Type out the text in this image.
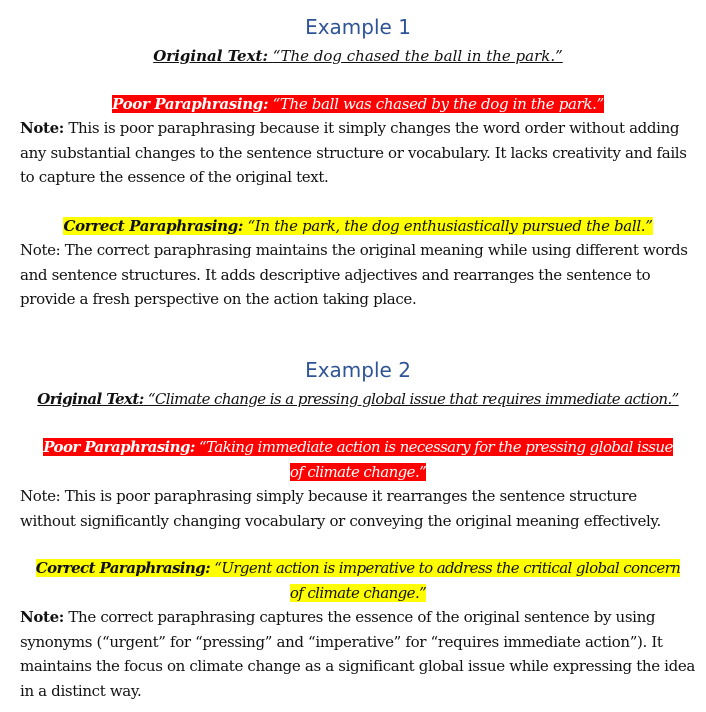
Example 1
Original Text: “The dog chased the ball in the park.”
Poor Paraphrasing: “The ball was chased by the dog in the park.”
Note: This is poor paraphrasing because it simply changes the word order without adding any substantial changes to the sentence structure or vocabulary. It lacks creativity and fails to capture the essence of the original text.
Correct Paraphrasing: “In the park, the dog enthusiastically pursued the ball.”
Note: The correct paraphrasing maintains the original meaning while using different words and sentence structures. It adds descriptive adjectives and rearranges the sentence to provide a fresh perspective on the action taking place.
Example 2
Original Text: “Climate change is a pressing global issue that requires immediate action.”
Poor Paraphrasing: “Taking immediate action is necessary for the pressing global issue
of climate change.”
Note: This is poor paraphrasing simply because it rearranges the sentence structure without significantly changing vocabulary or conveying the original meaning effectively.
Correct Paraphrasing: “Urgent action is imperative to address the critical global concern
of climate change.”
Note: The correct paraphrasing captures the essence of the original sentence by using synonyms (“urgent” for “pressing” and “imperative” for “requires immediate action”). It maintains the focus on climate change as a significant global issue while expressing the idea in a distinct way.
